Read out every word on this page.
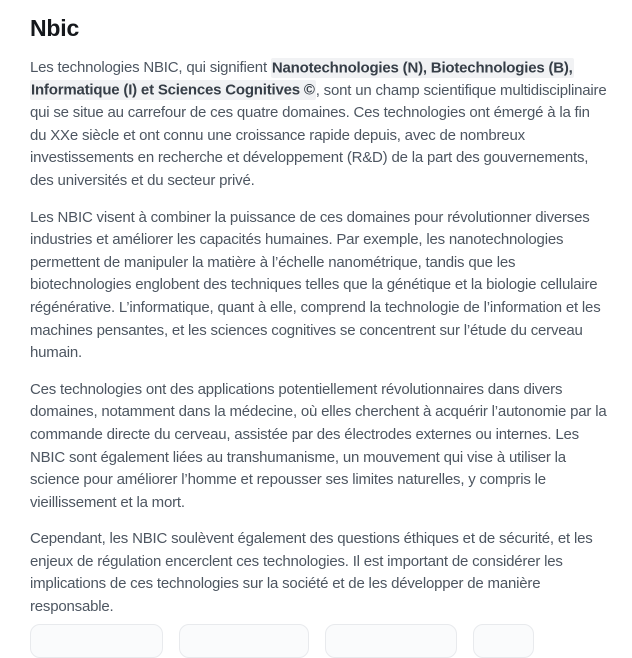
Nbic

Les technologies NBIC, qui signifient Nanotechnologies (N), Biotechnologies (B), Informatique (I) et Sciences Cognitives ©, sont un champ scientifique multidisciplinaire qui se situe au carrefour de ces quatre domaines. Ces technologies ont émergé à la fin du XXe siècle et ont connu une croissance rapide depuis, avec de nombreux investissements en recherche et développement (R&D) de la part des gouvernements, des universités et du secteur privé.

Les NBIC visent à combiner la puissance de ces domaines pour révolutionner diverses industries et améliorer les capacités humaines. Par exemple, les nanotechnologies permettent de manipuler la matière à l’échelle nanométrique, tandis que les biotechnologies englobent des techniques telles que la génétique et la biologie cellulaire régénérative. L’informatique, quant à elle, comprend la technologie de l’information et les machines pensantes, et les sciences cognitives se concentrent sur l’étude du cerveau humain.

Ces technologies ont des applications potentiellement révolutionnaires dans divers domaines, notamment dans la médecine, où elles cherchent à acquérir l’autonomie par la commande directe du cerveau, assistée par des électrodes externes ou internes. Les NBIC sont également liées au transhumanisme, un mouvement qui vise à utiliser la science pour améliorer l’homme et repousser ses limites naturelles, y compris le vieillissement et la mort.

Cependant, les NBIC soulèvent également des questions éthiques et de sécurité, et les enjeux de régulation encerclent ces technologies. Il est important de considérer les implications de ces technologies sur la société et de les développer de manière responsable.
